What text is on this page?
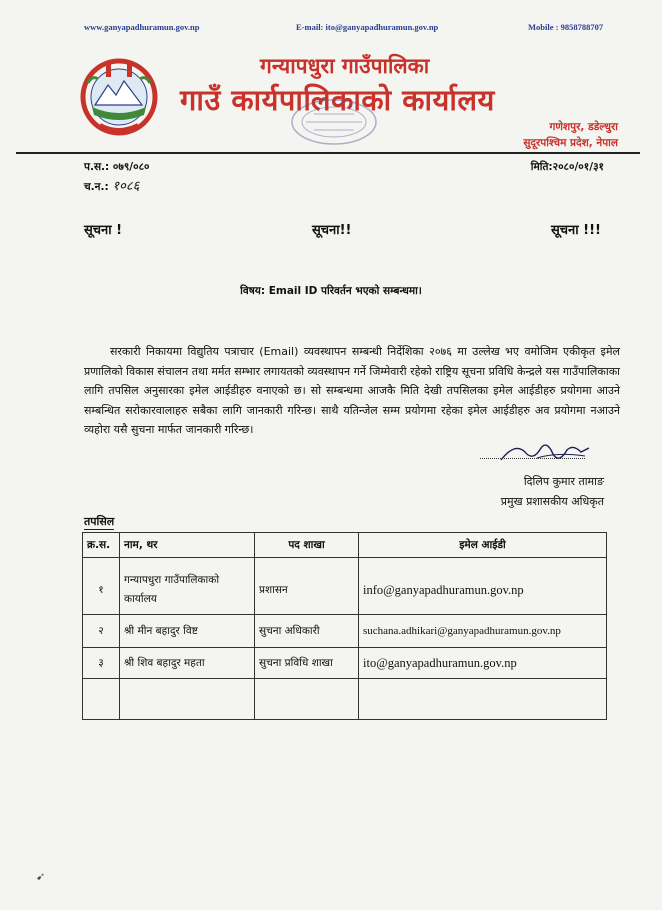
www.ganyapadhuramun.gov.np	E-mail: ito@ganyapadhuramun.gov.np	Mobile : 9858788707
गन्यापधुरा गाउँपालिका
गाउँ कार्यपालिकाको कार्यालय
गणेशपुर, डडेल्धुरा
सुदूरपश्चिम प्रदेश, नेपाल
प.स.: ०७९/०८०
च.न.: १०८६
मिति:२०८०/०१/३१
सूचना !	सूचना!!	सूचना !!!
विषय: Email ID परिवर्तन भएको सम्बन्धमा।
सरकारी निकायमा विद्युतिय पत्राचार (Email) व्यवस्थापन सम्बन्धी निर्देशिका २०७६ मा उल्लेख भए वमोजिम एकीकृत इमेल प्रणालिको विकास संचालन तथा मर्मत सम्भार लगायतको व्यवस्थापन गर्ने जिम्मेवारी रहेको राष्ट्रिय सूचना प्रविधि केन्द्रले यस गाउँपालिकाका लागि तपसिल अनुसारका इमेल आईडीहरु वनाएको छ। सो सम्बन्धमा आजकै मिति देखी तपसिलका इमेल आईडीहरु प्रयोगमा आउने सम्बन्धित सरोकारवालाहरु सबैका लागि जानकारी गरिन्छ। साथै यतिन्जेल सम्म प्रयोगमा रहेका इमेल आईडीहरु अव प्रयोगमा नआउने व्यहोरा यसै सुचना मार्फत जानकारी गरिन्छ।
दिलिप कुमार तामाङ
प्रमुख प्रशासकीय अधिकृत
तपसिल
क्र.स.	नाम, थर	पद शाखा	इमेल आईडी

१	गन्यापधुरा गाउँपालिकाको कार्यालय	प्रशासन	info@ganyapadhuramun.gov.np
२	श्री मीन बहादुर विष्ट	सुचना अधिकारी	suchana.adhikari@ganyapadhuramun.gov.np
३	श्री शिव बहादुर महता	सुचना प्रविधि शाखा	ito@ganyapadhuramun.gov.np

➹
